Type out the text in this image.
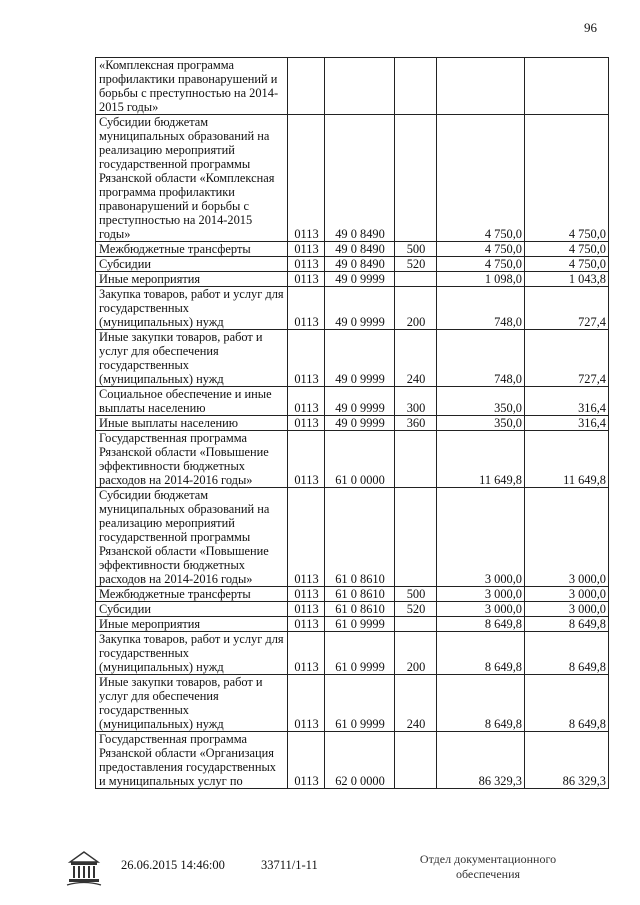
96
«Комплексная программа профилактики правонарушений и борьбы с преступностью на 2014-2015 годы»					
Субсидии бюджетам муниципальных образований на реализацию мероприятий государственной программы Рязанской области «Комплексная программа профилактики правонарушений и борьбы с преступностью на 2014-2015 годы»	0113	49 0 8490		4 750,0	4 750,0
Межбюджетные трансферты	0113	49 0 8490	500	4 750,0	4 750,0
Субсидии	0113	49 0 8490	520	4 750,0	4 750,0
Иные мероприятия	0113	49 0 9999		1 098,0	1 043,8
Закупка товаров, работ и услуг для государственных (муниципальных) нужд	0113	49 0 9999	200	748,0	727,4
Иные закупки товаров, работ и услуг для обеспечения государственных (муниципальных) нужд	0113	49 0 9999	240	748,0	727,4
Социальное обеспечение и иные выплаты населению	0113	49 0 9999	300	350,0	316,4
Иные выплаты населению	0113	49 0 9999	360	350,0	316,4
Государственная программа Рязанской области «Повышение эффективности бюджетных расходов на 2014-2016 годы»	0113	61 0 0000		11 649,8	11 649,8
Субсидии бюджетам муниципальных образований на реализацию мероприятий государственной программы Рязанской области «Повышение эффективности бюджетных расходов на 2014-2016 годы»	0113	61 0 8610		3 000,0	3 000,0
Межбюджетные трансферты	0113	61 0 8610	500	3 000,0	3 000,0
Субсидии	0113	61 0 8610	520	3 000,0	3 000,0
Иные мероприятия	0113	61 0 9999		8 649,8	8 649,8
Закупка товаров, работ и услуг для государственных (муниципальных) нужд	0113	61 0 9999	200	8 649,8	8 649,8
Иные закупки товаров, работ и услуг для обеспечения государственных (муниципальных) нужд	0113	61 0 9999	240	8 649,8	8 649,8
Государственная программа Рязанской области «Организация предоставления государственных и муниципальных услуг по	0113	62 0 0000		86 329,3	86 329,3
26.06.2015 14:46:00	33711/1-11	Отдел документационного обеспечения
